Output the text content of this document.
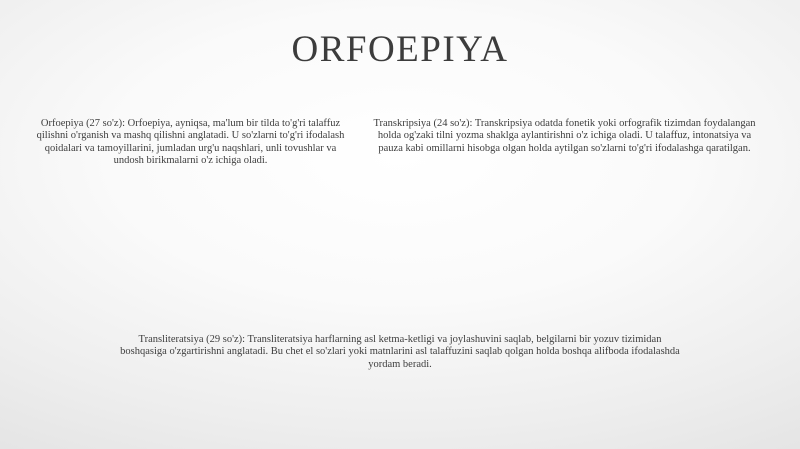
ORFOEPIYA

Orfoepiya (27 so'z): Orfoepiya, ayniqsa, ma'lum bir tilda to'g'ri talaffuz qilishni o'rganish va mashq qilishni anglatadi. U so'zlarni to'g'ri ifodalash qoidalari va tamoyillarini, jumladan urg'u naqshlari, unli tovushlar va undosh birikmalarni o'z ichiga oladi.

Transkripsiya (24 so'z): Transkripsiya odatda fonetik yoki orfografik tizimdan foydalangan holda og'zaki tilni yozma shaklga aylantirishni o'z ichiga oladi. U talaffuz, intonatsiya va pauza kabi omillarni hisobga olgan holda aytilgan so'zlarni to'g'ri ifodalashga qaratilgan.

Transliteratsiya (29 so'z): Transliteratsiya harflarning asl ketma-ketligi va joylashuvini saqlab, belgilarni bir yozuv tizimidan boshqasiga o'zgartirishni anglatadi. Bu chet el so'zlari yoki matnlarini asl talaffuzini saqlab qolgan holda boshqa alifboda ifodalashda yordam beradi.
